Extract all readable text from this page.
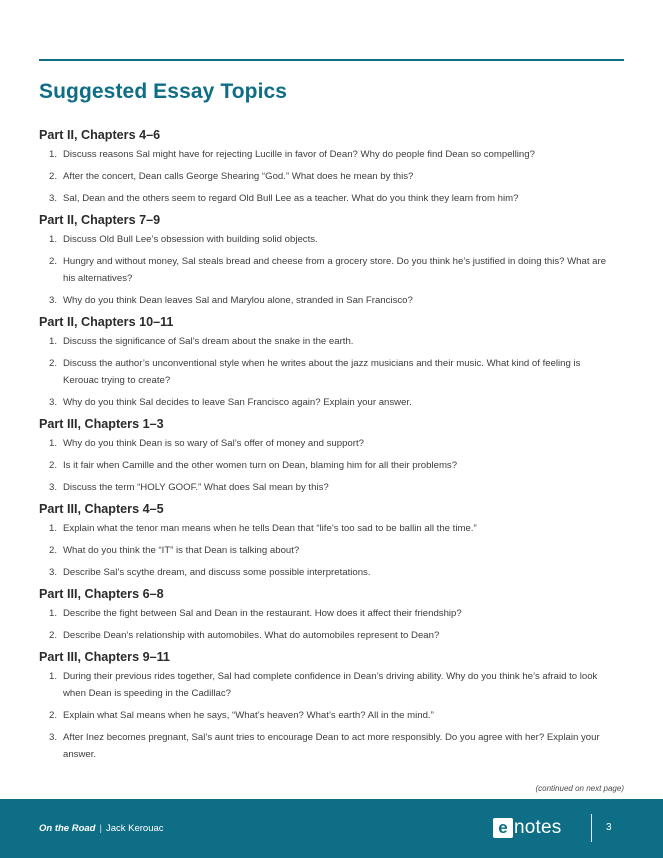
Suggested Essay Topics
Part II, Chapters 4–6
1. Discuss reasons Sal might have for rejecting Lucille in favor of Dean? Why do people find Dean so compelling?
2. After the concert, Dean calls George Shearing “God.” What does he mean by this?
3. Sal, Dean and the others seem to regard Old Bull Lee as a teacher. What do you think they learn from him?
Part II, Chapters 7–9
1. Discuss Old Bull Lee’s obsession with building solid objects.
2. Hungry and without money, Sal steals bread and cheese from a grocery store. Do you think he’s justified in doing this? What are his alternatives?
3. Why do you think Dean leaves Sal and Marylou alone, stranded in San Francisco?
Part II, Chapters 10–11
1. Discuss the significance of Sal’s dream about the snake in the earth.
2. Discuss the author’s unconventional style when he writes about the jazz musicians and their music. What kind of feeling is Kerouac trying to create?
3. Why do you think Sal decides to leave San Francisco again? Explain your answer.
Part III, Chapters 1–3
1. Why do you think Dean is so wary of Sal’s offer of money and support?
2. Is it fair when Camille and the other women turn on Dean, blaming him for all their problems?
3. Discuss the term “HOLY GOOF.” What does Sal mean by this?
Part III, Chapters 4–5
1. Explain what the tenor man means when he tells Dean that “life’s too sad to be ballin all the time.”
2. What do you think the “IT” is that Dean is talking about?
3. Describe Sal’s scythe dream, and discuss some possible interpretations.
Part III, Chapters 6–8
1. Describe the fight between Sal and Dean in the restaurant. How does it affect their friendship?
2. Describe Dean’s relationship with automobiles. What do automobiles represent to Dean?
Part III, Chapters 9–11
1. During their previous rides together, Sal had complete confidence in Dean’s driving ability. Why do you think he’s afraid to look when Dean is speeding in the Cadillac?
2. Explain what Sal means when he says, “What’s heaven? What’s earth? All in the mind.”
3. After Inez becomes pregnant, Sal’s aunt tries to encourage Dean to act more responsibly. Do you agree with her? Explain your answer.
(continued on next page)
On the Road | Jack Kerouac	e notes	3
